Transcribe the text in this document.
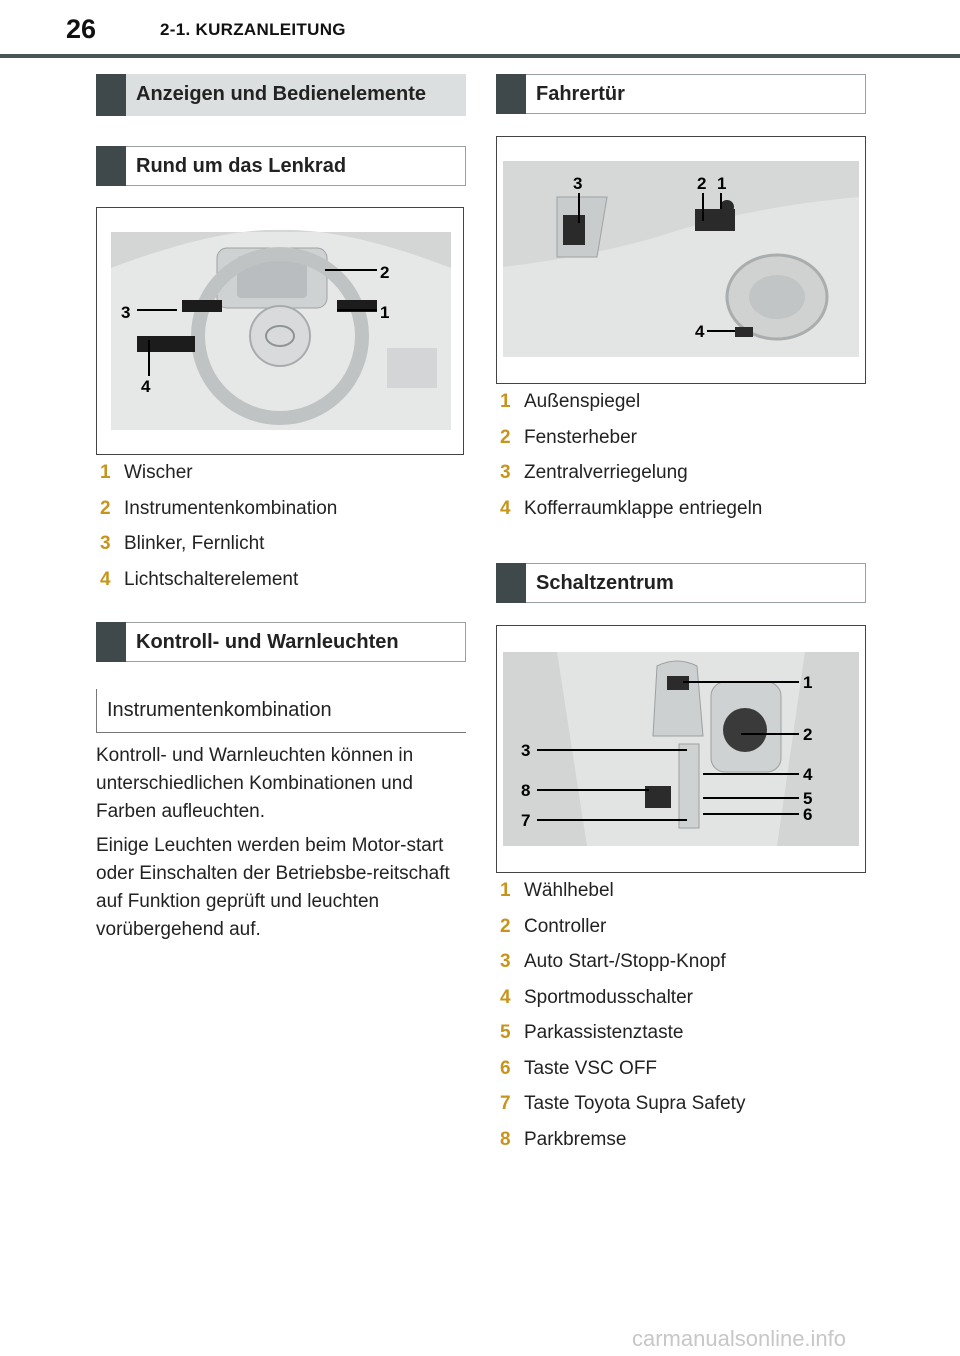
26	2-1. KURZANLEITUNG
Anzeigen und Bedienelemente
Rund um das Lenkrad
2
1
3
4
1 Wischer
2 Instrumentenkombination
3 Blinker, Fernlicht
4 Lichtschalterelement
Kontroll- und Warnleuchten
Instrumentenkombination

Kontroll- und Warnleuchten können in unterschiedlichen Kombinationen und Farben aufleuchten.

Einige Leuchten werden beim Motor-start oder Einschalten der Betriebsbe-reitschaft auf Funktion geprüft und leuchten vorübergehend auf.

Fahrertür
3	2 1
4
1 Außenspiegel
2 Fensterheber
3 Zentralverriegelung
4 Kofferraumklappe entriegeln
Schaltzentrum
1
2
3
4
8	5
6
7
1 Wählhebel
2 Controller
3 Auto Start-/Stopp-Knopf
4 Sportmodusschalter
5 Parkassistenztaste
6 Taste VSC OFF
7 Taste Toyota Supra Safety
8 Parkbremse
carmanualsonline.info
